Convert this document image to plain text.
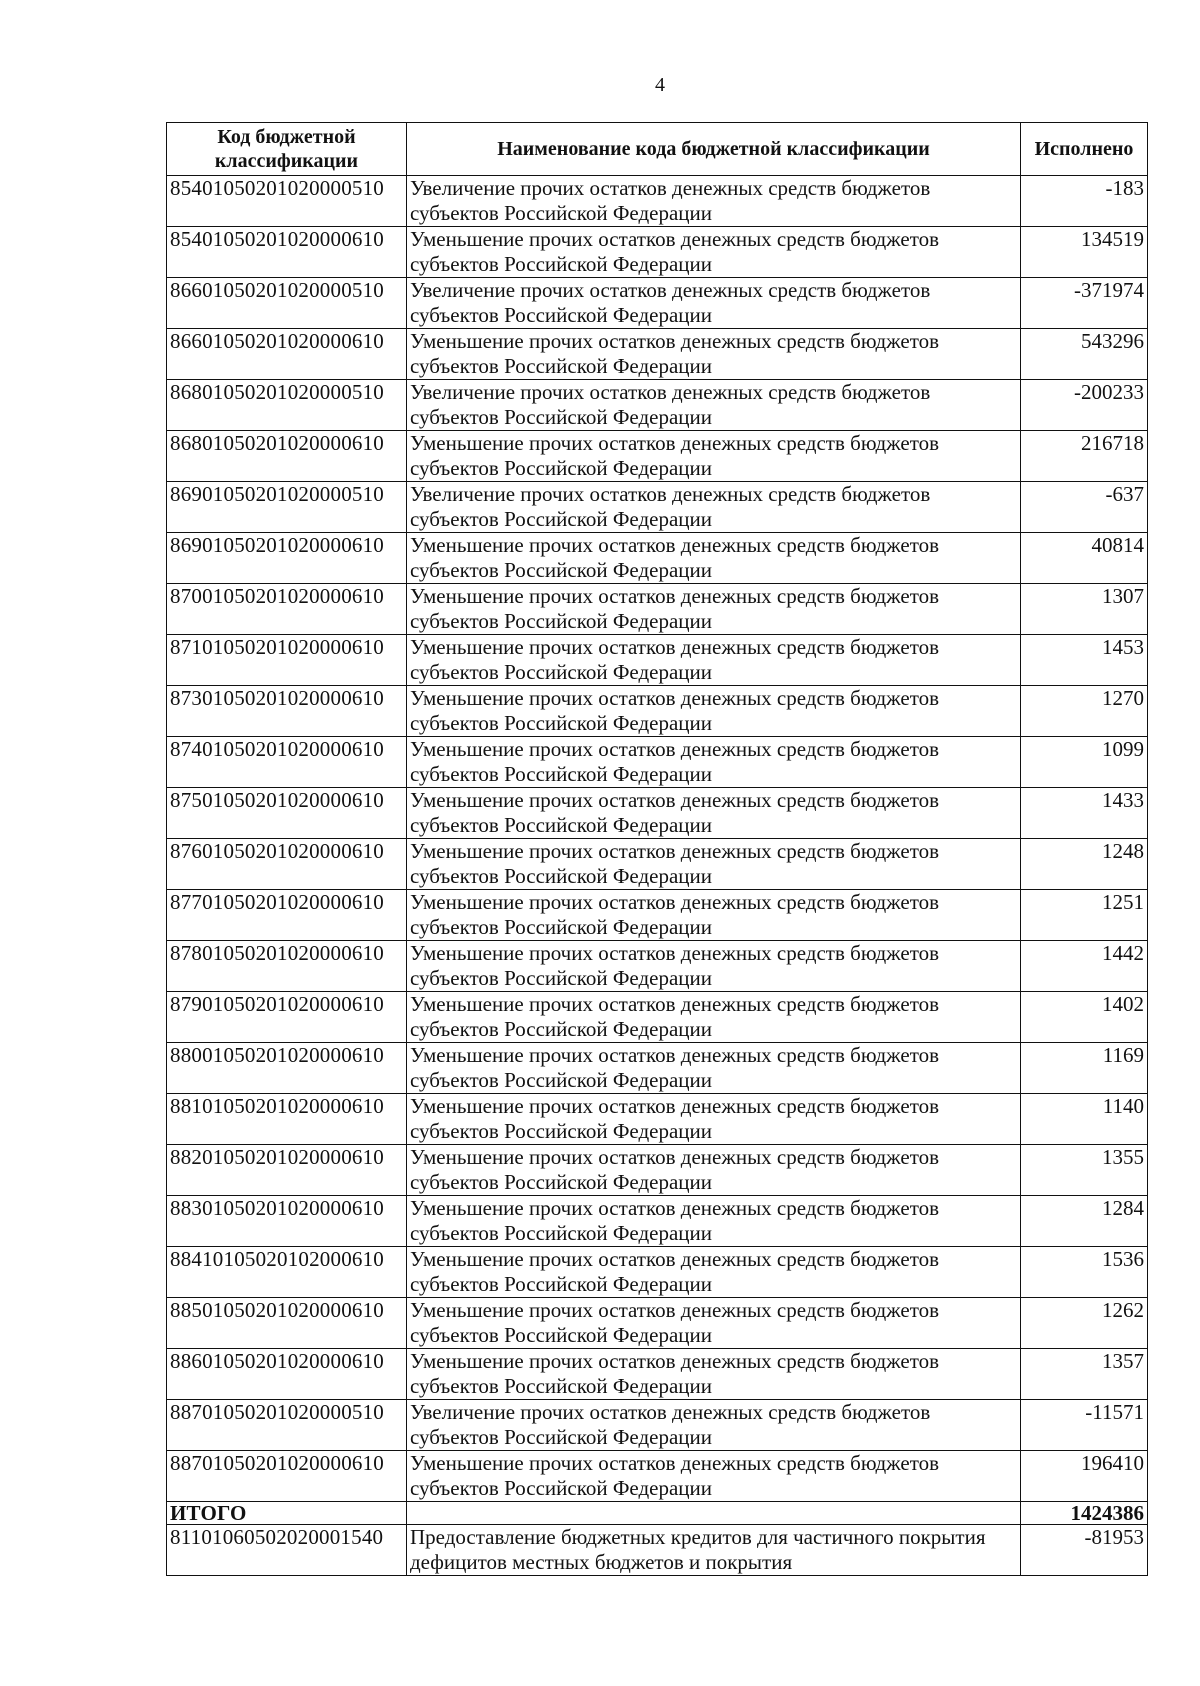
4
Код бюджетной классификации	Наименование кода бюджетной классификации	Исполнено
85401050201020000510	Увеличение прочих остатков денежных средств бюджетов субъектов Российской Федерации	-183
85401050201020000610	Уменьшение прочих остатков денежных средств бюджетов субъектов Российской Федерации	134519
86601050201020000510	Увеличение прочих остатков денежных средств бюджетов субъектов Российской Федерации	-371974
86601050201020000610	Уменьшение прочих остатков денежных средств бюджетов субъектов Российской Федерации	543296
86801050201020000510	Увеличение прочих остатков денежных средств бюджетов субъектов Российской Федерации	-200233
86801050201020000610	Уменьшение прочих остатков денежных средств бюджетов субъектов Российской Федерации	216718
86901050201020000510	Увеличение прочих остатков денежных средств бюджетов субъектов Российской Федерации	-637
86901050201020000610	Уменьшение прочих остатков денежных средств бюджетов субъектов Российской Федерации	40814
87001050201020000610	Уменьшение прочих остатков денежных средств бюджетов субъектов Российской Федерации	1307
87101050201020000610	Уменьшение прочих остатков денежных средств бюджетов субъектов Российской Федерации	1453
87301050201020000610	Уменьшение прочих остатков денежных средств бюджетов субъектов Российской Федерации	1270
87401050201020000610	Уменьшение прочих остатков денежных средств бюджетов субъектов Российской Федерации	1099
87501050201020000610	Уменьшение прочих остатков денежных средств бюджетов субъектов Российской Федерации	1433
87601050201020000610	Уменьшение прочих остатков денежных средств бюджетов субъектов Российской Федерации	1248
87701050201020000610	Уменьшение прочих остатков денежных средств бюджетов субъектов Российской Федерации	1251
87801050201020000610	Уменьшение прочих остатков денежных средств бюджетов субъектов Российской Федерации	1442
87901050201020000610	Уменьшение прочих остатков денежных средств бюджетов субъектов Российской Федерации	1402
88001050201020000610	Уменьшение прочих остатков денежных средств бюджетов субъектов Российской Федерации	1169
88101050201020000610	Уменьшение прочих остатков денежных средств бюджетов субъектов Российской Федерации	1140
88201050201020000610	Уменьшение прочих остатков денежных средств бюджетов субъектов Российской Федерации	1355
88301050201020000610	Уменьшение прочих остатков денежных средств бюджетов субъектов Российской Федерации	1284
88410105020102000610	Уменьшение прочих остатков денежных средств бюджетов субъектов Российской Федерации	1536
88501050201020000610	Уменьшение прочих остатков денежных средств бюджетов субъектов Российской Федерации	1262
88601050201020000610	Уменьшение прочих остатков денежных средств бюджетов субъектов Российской Федерации	1357
88701050201020000510	Увеличение прочих остатков денежных средств бюджетов субъектов Российской Федерации	-11571
88701050201020000610	Уменьшение прочих остатков денежных средств бюджетов субъектов Российской Федерации	196410
ИТОГО		1424386
81101060502020001540	Предоставление бюджетных кредитов для частичного покрытия дефицитов местных бюджетов и покрытия	-81953
